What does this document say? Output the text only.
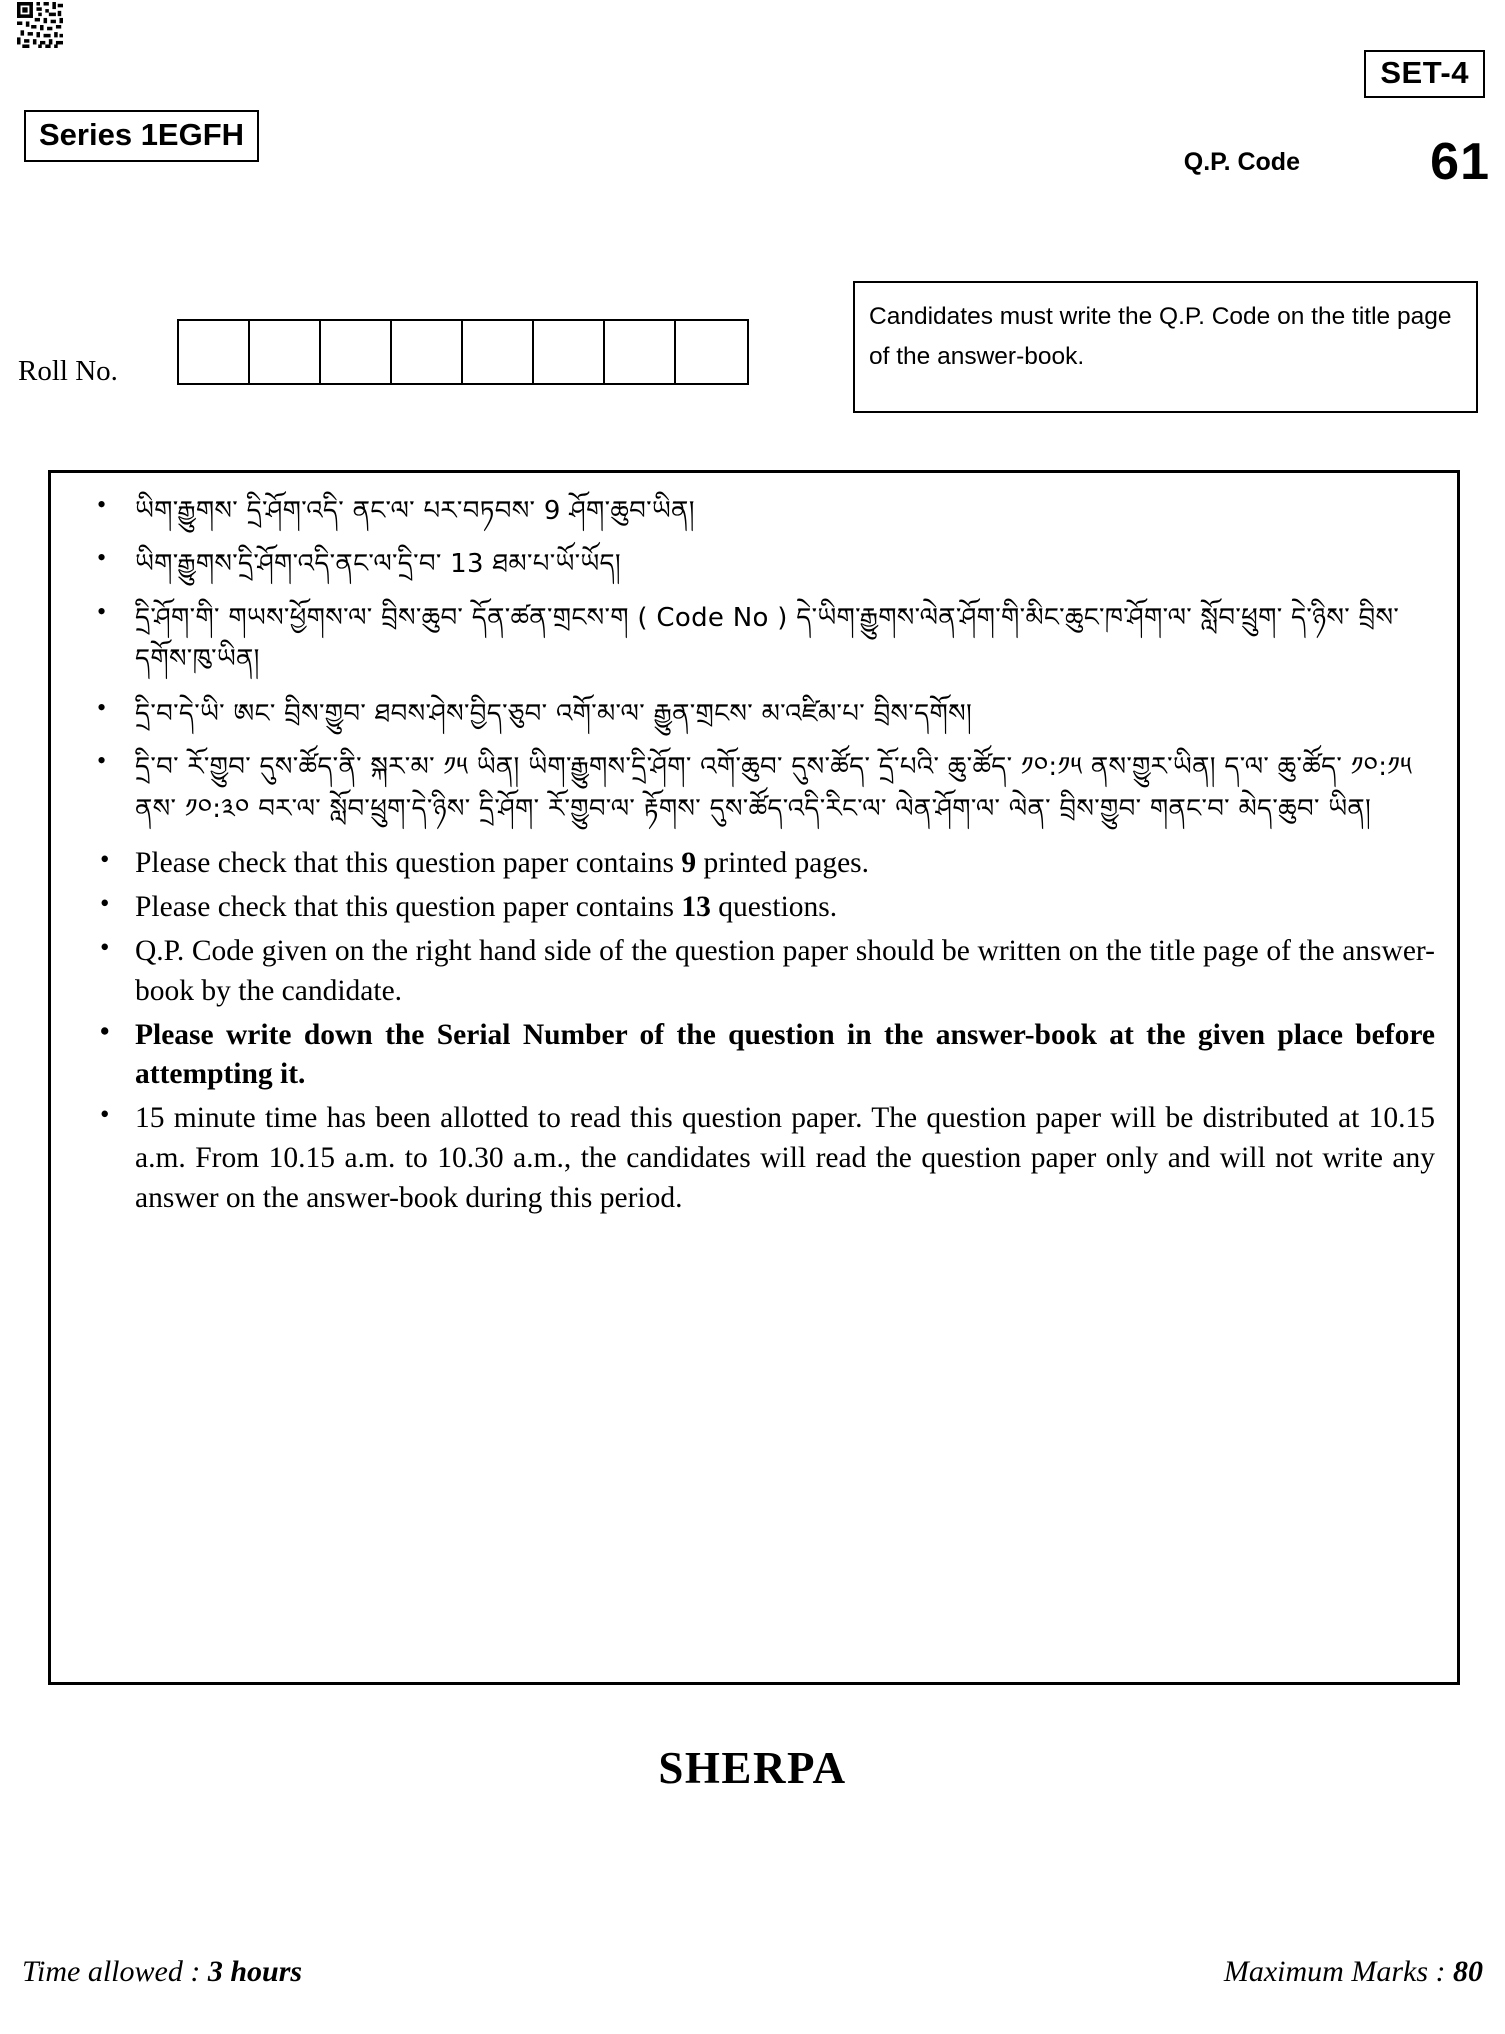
SET-4
Series 1EGFH
Q.P. Code	61
Roll No.
Candidates must write the Q.P. Code on the title page of the answer-book.
• ཡིག་རྒྱུགས་ དྲི་ཤོག་འདི་ ནང་ལ་ པར་བཏབས་ 9 ཤོག་ཆུབ་ཡིན།
• ཡིག་རྒྱུགས་དྲི་ཤོག་འདི་ནང་ལ་དྲི་བ་ 13 ཐམ་པ་ཡོ་ཡོད།
• དྲི་ཤོག་གི་ གཡས་ཕྱོགས་ལ་ བྲིས་ཆུབ་ དོན་ཚན་གྲངས་ག ( Code No ) དེ་ཡིག་རྒྱུགས་ལེན་ཤོག་གི་མིང་ཆུང་ཁ་ཤོག་ལ་ སློབ་ཕྲུག་ དེ་ཉིས་ བྲིས་དགོས་ཁུ་ཡིན།
• དྲི་བ་དེ་ཡི་ ཨང་ བྲིས་གྱུབ་ ཐབས་ཤེས་བྱིད་ཅུབ་ འགོ་མ་ལ་ རྒྱུན་གྲངས་ མ་འཛིམ་པ་ བྲིས་དགོས།
• དྲི་བ་ རོ་གྱུབ་ དུས་ཚོད་ནི་ སྐར་མ་ ༡༥ ཡིན། ཡིག་རྒྱུགས་དྲི་ཤོག་ འགོ་ཆུབ་ དུས་ཚོད་ དྲོ་པའི་ ཆུ་ཚོད་ ༡༠:༡༥ ནས་གྱུར་ཡིན། ད་ལ་ ཆུ་ཚོད་ ༡༠:༡༥ ནས་ ༡༠:༣༠ བར་ལ་ སློབ་ཕྲུག་དེ་ཉིས་ དྲི་ཤོག་ རོ་གྱུབ་ལ་ རྟོགས་ དུས་ཚོད་འདི་རིང་ལ་ ལེན་ཤོག་ལ་ ལེན་ བྲིས་གྱུབ་ གནང་བ་ མེད་ཆུབ་ ཡིན།
• Please check that this question paper contains 9 printed pages.
• Please check that this question paper contains 13 questions.
• Q.P. Code given on the right hand side of the question paper should be written on the title page of the answer-book by the candidate.
• Please write down the Serial Number of the question in the answer-book at the given place before attempting it.
• 15 minute time has been allotted to read this question paper. The question paper will be distributed at 10.15 a.m. From 10.15 a.m. to 10.30 a.m., the candidates will read the question paper only and will not write any answer on the answer-book during this period.
SHERPA
Time allowed : 3 hours	Maximum Marks : 80
